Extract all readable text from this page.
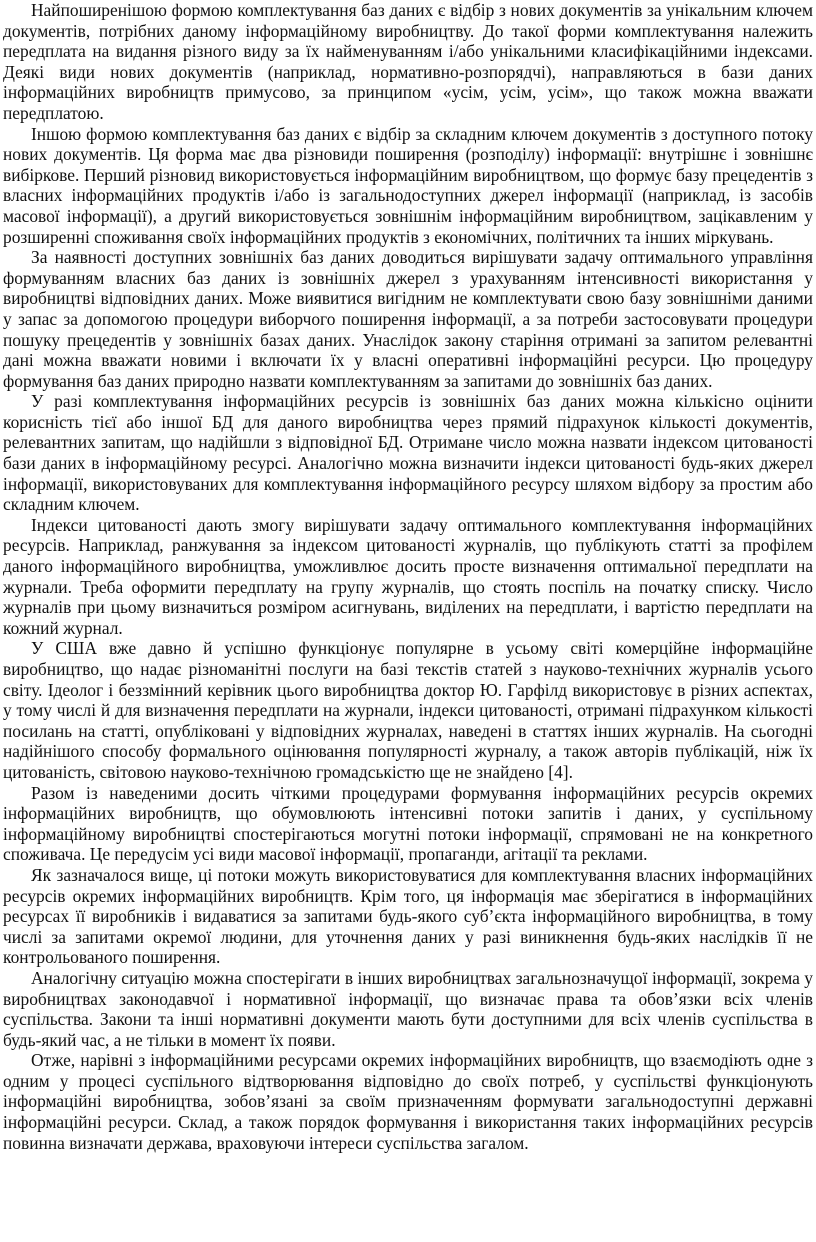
Найпоширенішою формою комплектування баз даних є відбір з нових документів за унікальним ключем документів, потрібних даному інформаційному виробництву. До такої форми комплектування належить передплата на видання різного виду за їх найменуванням і/або унікальними класифікаційними індексами. Деякі види нових документів (наприклад, нормативно-розпорядчі), направляються в бази даних інформаційних виробництв примусово, за принципом «усім, усім, усім», що також можна вважати передплатою.

Іншою формою комплектування баз даних є відбір за складним ключем документів з доступного потоку нових документів. Ця форма має два різновиди поширення (розподілу) інформації: внутрішнє і зовнішнє вибіркове. Перший різновид використовується інформаційним виробництвом, що формує базу прецедентів з власних інформаційних продуктів і/або із загальнодоступних джерел інформації (наприклад, із засобів масової інформації), а другий використовується зовнішнім інформаційним виробництвом, зацікавленим у розширенні споживання своїх інформаційних продуктів з економічних, політичних та інших міркувань.

За наявності доступних зовнішніх баз даних доводиться вирішувати задачу оптимального управління формуванням власних баз даних із зовнішніх джерел з урахуванням інтенсивності використання у виробництві відповідних даних. Може виявитися вигідним не комплектувати свою базу зовнішніми даними у запас за допомогою процедури виборчого поширення інформації, а за потреби застосовувати процедури пошуку прецедентів у зовнішніх базах даних. Унаслідок закону старіння отримані за запитом релевантні дані можна вважати новими і включати їх у власні оперативні інформаційні ресурси. Цю процедуру формування баз даних природно назвати комплектуванням за запитами до зовнішніх баз даних.

У разі комплектування інформаційних ресурсів із зовнішніх баз даних можна кількісно оцінити корисність тієї або іншої БД для даного виробництва через прямий підрахунок кількості документів, релевантних запитам, що надійшли з відповідної БД. Отримане число можна назвати індексом цитованості бази даних в інформаційному ресурсі. Аналогічно можна визначити індекси цитованості будь-яких джерел інформації, використовуваних для комплектування інформаційного ресурсу шляхом відбору за простим або складним ключем.

Індекси цитованості дають змогу вирішувати задачу оптимального комплектування інформаційних ресурсів. Наприклад, ранжування за індексом цитованості журналів, що публікують статті за профілем даного інформаційного виробництва, уможливлює досить просте визначення оптимальної передплати на журнали. Треба оформити передплату на групу журналів, що стоять поспіль на початку списку. Число журналів при цьому визначиться розміром асигнувань, виділених на передплати, і вартістю передплати на кожний журнал.

У США вже давно й успішно функціонує популярне в усьому світі комерційне інформаційне виробництво, що надає різноманітні послуги на базі текстів статей з науково-технічних журналів усього світу. Ідеолог і беззмінний керівник цього виробництва доктор Ю. Гарфілд використовує в різних аспектах, у тому числі й для визначення передплати на журнали, індекси цитованості, отримані підрахунком кількості посилань на статті, опубліковані у відповідних журналах, наведені в статтях інших журналів. На сьогодні надійнішого способу формального оцінювання популярності журналу, а також авторів публікацій, ніж їх цитованість, світовою науково-технічною громадськістю ще не знайдено [4].

Разом із наведеними досить чіткими процедурами формування інформаційних ресурсів окремих інформаційних виробництв, що обумовлюють інтенсивні потоки запитів і даних, у суспільному інформаційному виробництві спостерігаються могутні потоки інформації, спрямовані не на конкретного споживача. Це передусім усі види масової інформації, пропаганди, агітації та реклами.

Як зазначалося вище, ці потоки можуть використовуватися для комплектування власних інформаційних ресурсів окремих інформаційних виробництв. Крім того, ця інформація має зберігатися в інформаційних ресурсах її виробників і видаватися за запитами будь-якого суб’єкта інформаційного виробництва, в тому числі за запитами окремої людини, для уточнення даних у разі виникнення будь-яких наслідків її не контрольованого поширення.

Аналогічну ситуацію можна спостерігати в інших виробництвах загальнозначущої інформації, зокрема у виробництвах законодавчої і нормативної інформації, що визначає права та обов’язки всіх членів суспільства. Закони та інші нормативні документи мають бути доступними для всіх членів суспільства в будь-який час, а не тільки в момент їх появи.

Отже, нарівні з інформаційними ресурсами окремих інформаційних виробництв, що взаємодіють одне з одним у процесі суспільного відтворювання відповідно до своїх потреб, у суспільстві функціонують інформаційні виробництва, зобов’язані за своїм призначенням формувати загальнодоступні державні інформаційні ресурси. Склад, а також порядок формування і використання таких інформаційних ресурсів повинна визначати держава, враховуючи інтереси суспільства загалом.
